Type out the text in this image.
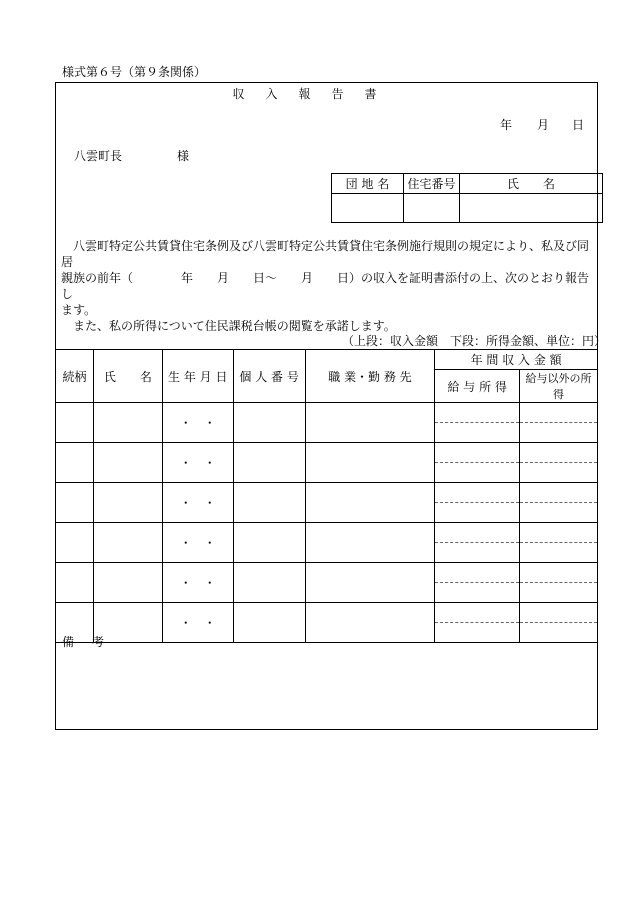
様式第６号（第９条関係）
収入報告書
年 月 日
八雲町長	様
団 地 名	住宅番号	氏　　名

八雲町特定公共賃貸住宅条例及び八雲町特定公共賃貸住宅条例施行規則の規定により、私及び同居
親族の前年（　　　　年　　月　　日～　　月　　日）の収入を証明書添付の上、次のとおり報告し
ます。
また、私の所得について住民課税台帳の閲覧を承諾します。
（上段：収入金額　下段：所得金額、単位：円）
続柄	氏　　名	生 年 月 日	個 人 番 号	職 業・勤 務 先	年 間 収 入 金 額	
					給 与 所 得	給与以外の所得
		・　・			

		・　・			

		・　・			

		・　・			

		・　・			

		・　・			

備考
